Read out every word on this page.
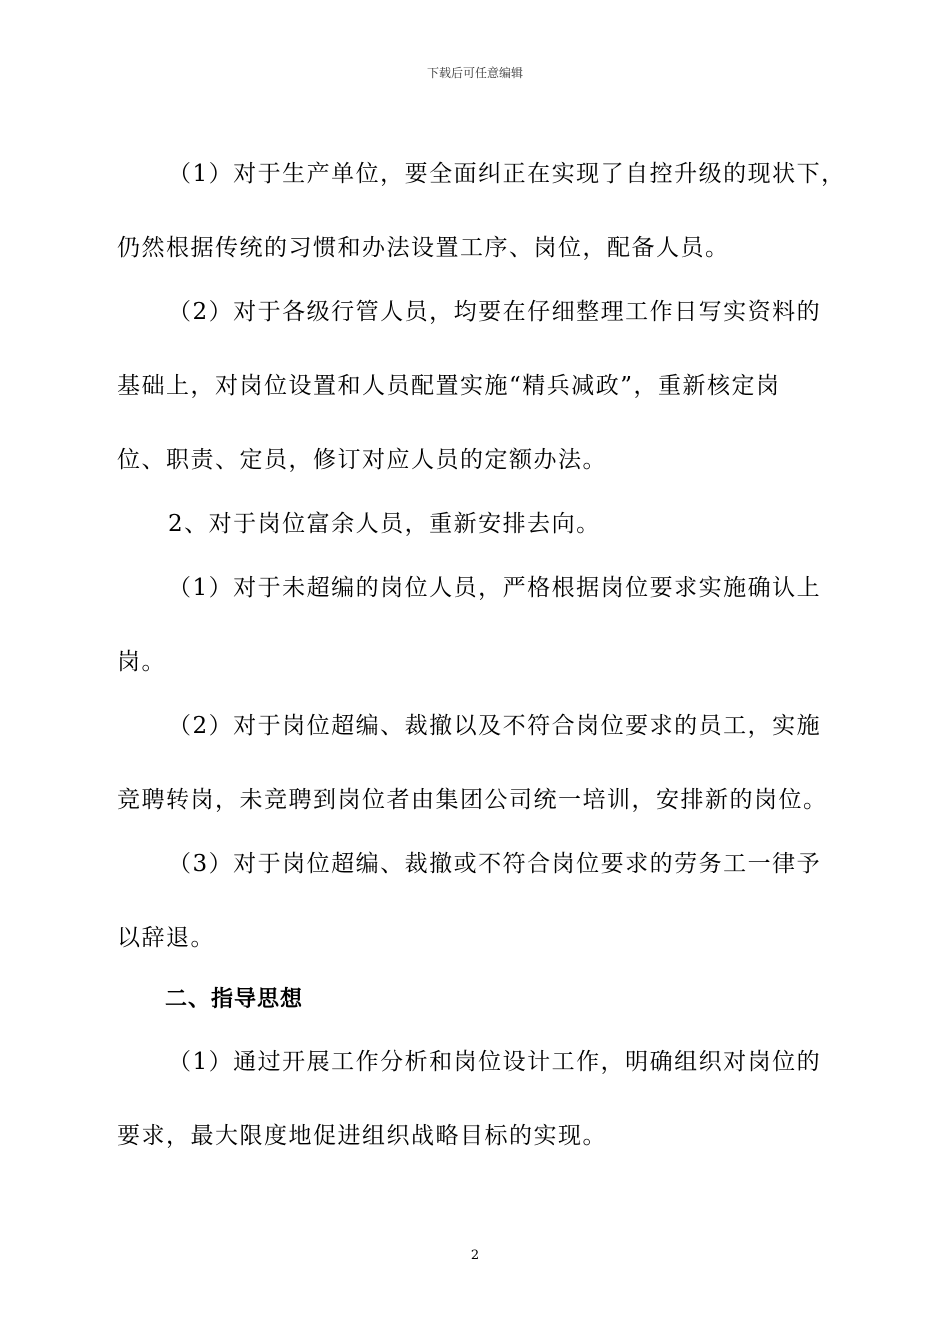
下载后可任意编辑
（1）对于生产单位，要全面纠正在实现了自控升级的现状下，
仍然根据传统的习惯和办法设置工序、岗位，配备人员。
（2）对于各级行管人员，均要在仔细整理工作日写实资料的
基础上，对岗位设置和人员配置实施“精兵减政”，重新核定岗
位、职责、定员，修订对应人员的定额办法。
2、对于岗位富余人员，重新安排去向。
（1）对于未超编的岗位人员，严格根据岗位要求实施确认上
岗。
（2）对于岗位超编、裁撤以及不符合岗位要求的员工，实施
竞聘转岗，未竞聘到岗位者由集团公司统一培训，安排新的岗位。
（3）对于岗位超编、裁撤或不符合岗位要求的劳务工一律予
以辞退。
二、指导思想
（1）通过开展工作分析和岗位设计工作，明确组织对岗位的
要求，最大限度地促进组织战略目标的实现。
2
